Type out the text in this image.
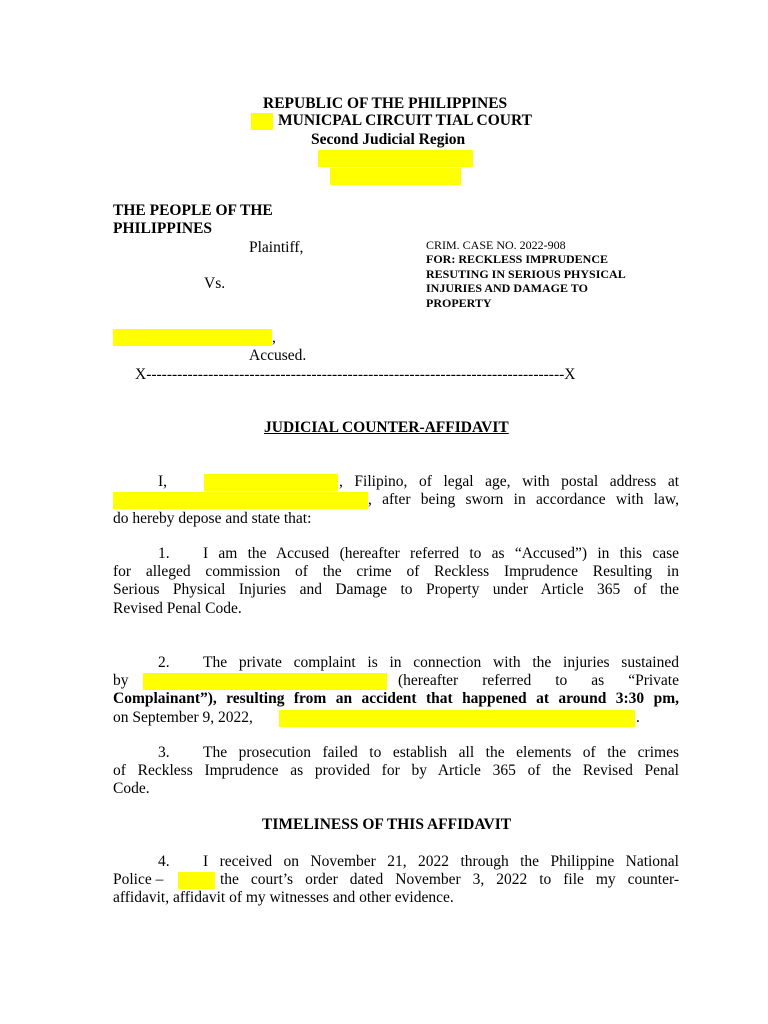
REPUBLIC OF THE PHILIPPINES
MUNICPAL CIRCUIT TIAL COURT
Second Judicial Region
THE PEOPLE OF THE
PHILIPPINES
Plaintiff,
Vs.
CRIM. CASE NO. 2022-908
FOR: RECKLESS IMPRUDENCE
RESUTING IN SERIOUS PHYSICAL
INJURIES AND DAMAGE TO
PROPERTY
,
Accused.
X---------------------------------------------------------------------------------X
JUDICIAL COUNTER-AFFIDAVIT
I,	, Filipino, of legal age, with postal address at
, after being sworn in accordance with law,
do hereby depose and state that:
1. I am the Accused (hereafter referred to as “Accused”) in this case
for alleged commission of the crime of Reckless Imprudence Resulting in
Serious Physical Injuries and Damage to Property under Article 365 of the
Revised Penal Code.
2. The private complaint is in connection with the injuries sustained
by	(hereafter referred to as “Private
Complainant”), resulting from an accident that happened at around 3:30 pm,
on September 9, 2022,	.
3. The prosecution failed to establish all the elements of the crimes
of Reckless Imprudence as provided for by Article 365 of the Revised Penal
Code.
TIMELINESS OF THIS AFFIDAVIT
4. I received on November 21, 2022 through the Philippine National
Police –	the court’s order dated November 3, 2022 to file my counter-
affidavit, affidavit of my witnesses and other evidence.
